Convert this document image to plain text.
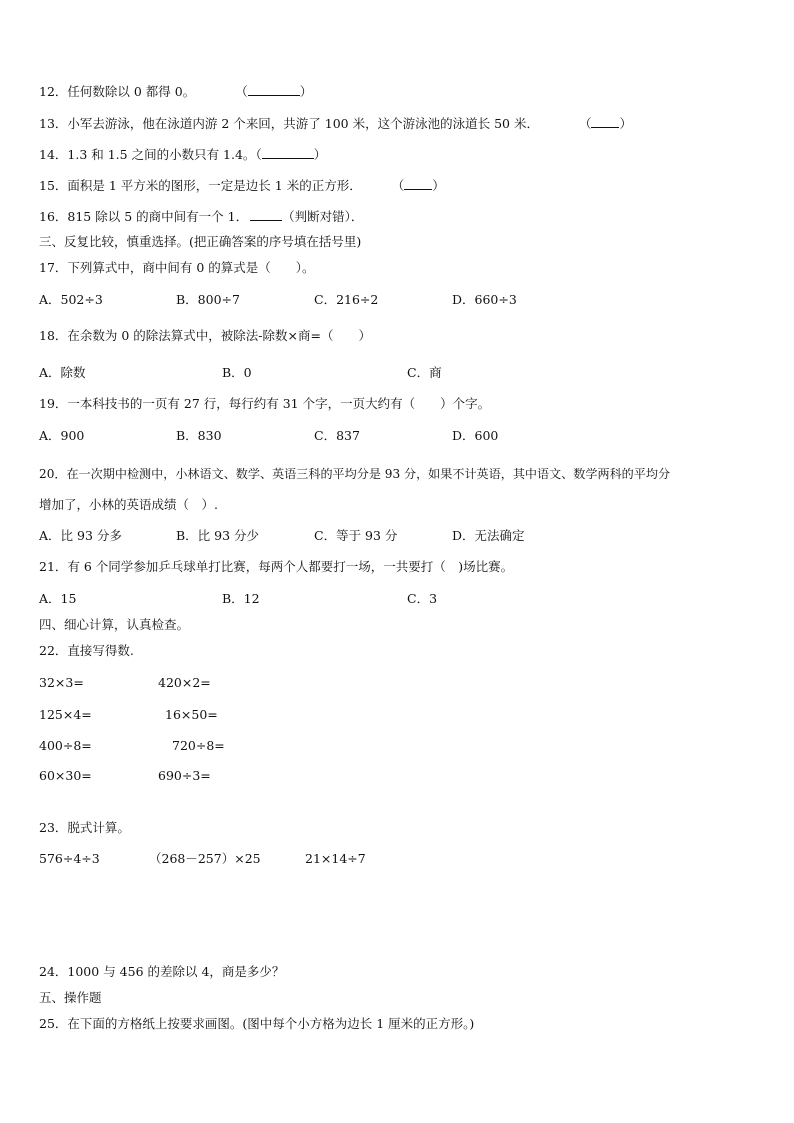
12．任何数除以 0 都得 0。	（	）
13．小军去游泳，他在泳道内游 2 个来回，共游了 100 米，这个游泳池的泳道长 50 米．	（ ）
14．1.3 和 1.5 之间的小数只有 1.4。（	）
15．面积是 1 平方米的图形，一定是边长 1 米的正方形． （ ）
16．815 除以 5 的商中间有一个 1．	（判断对错）．
三、反复比较，慎重选择。(把正确答案的序号填在括号里)
17．下列算式中，商中间有 0 的算式是（　　）。
A．502÷3	B．800÷7	C．216÷2	D．660÷3
18．在余数为 0 的除法算式中，被除法-除数×商=（　　）
A．除数	B．0	C．商
19．一本科技书的一页有 27 行，每行约有 31 个字，一页大约有（　　）个字。
A．900	B．830	C．837	D．600
20．在一次期中检测中，小林语文、数学、英语三科的平均分是 93 分，如果不计英语，其中语文、数学两科的平均分
增加了，小林的英语成绩（　）.
A．比 93 分多	B．比 93 分少	C．等于 93 分	D．无法确定
21．有 6 个同学参加乒乓球单打比赛，每两个人都要打一场，一共要打（　)场比赛。
A．15	B．12	C．3
四、细心计算，认真检查。
22．直接写得数.
32×3=	420×2=
125×4=	16×50=
400÷8=	720÷8=
60×30=	690÷3=
23．脱式计算。
576÷4÷3	（268－257）×25	21×14÷7
24．1000 与 456 的差除以 4，商是多少？
五、操作题
25．在下面的方格纸上按要求画图。(图中每个小方格为边长 1 厘米的正方形。)
